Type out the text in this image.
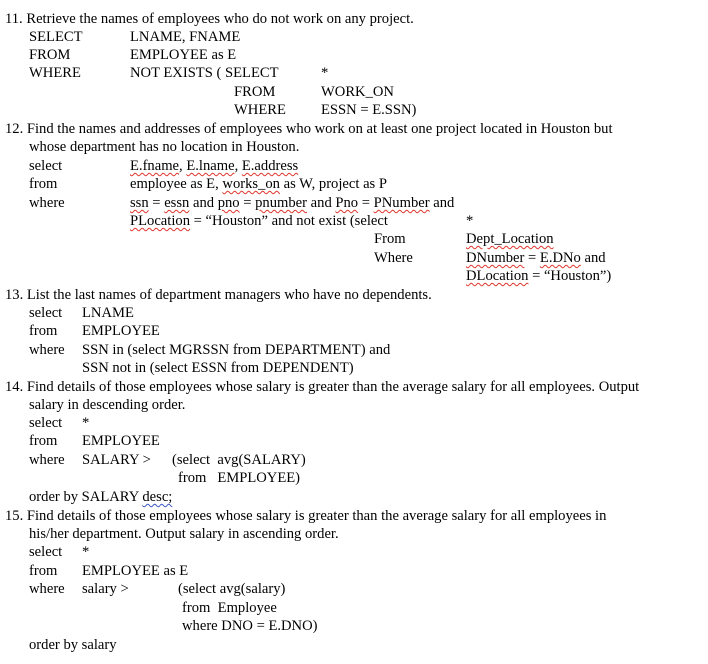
11. Retrieve the names of employees who do not work on any project.
SELECT	LNAME, FNAME
FROM	EMPLOYEE as E
WHERE	NOT EXISTS ( SELECT	*
FROM	WORK_ON
WHERE ESSN = E.SSN)
12. Find the names and addresses of employees who work on at least one project located in Houston but
whose department has no location in Houston.
select	E.fname, E.lname, E.address
from	employee as E, works_on as W, project as P
where	ssn = essn and pno = pnumber and Pno = PNumber and
PLocation = “Houston” and not exist (select	*
From	Dept_Location
Where	DNumber = E.DNo and
DLocation = “Houston”)
13. List the last names of department managers who have no dependents.
select LNAME
from EMPLOYEE
where SSN in (select MGRSSN from DEPARTMENT) and
SSN not in (select ESSN from DEPENDENT)
14. Find details of those employees whose salary is greater than the average salary for all employees. Output
salary in descending order.
select *
from EMPLOYEE
where SALARY > (select  avg(SALARY)
from   EMPLOYEE)
order by SALARY desc;
15. Find details of those employees whose salary is greater than the average salary for all employees in
his/her department. Output salary in ascending order.
select *
from EMPLOYEE as E
where salary >	(select avg(salary)
from  Employee
where DNO = E.DNO)
order by salary
